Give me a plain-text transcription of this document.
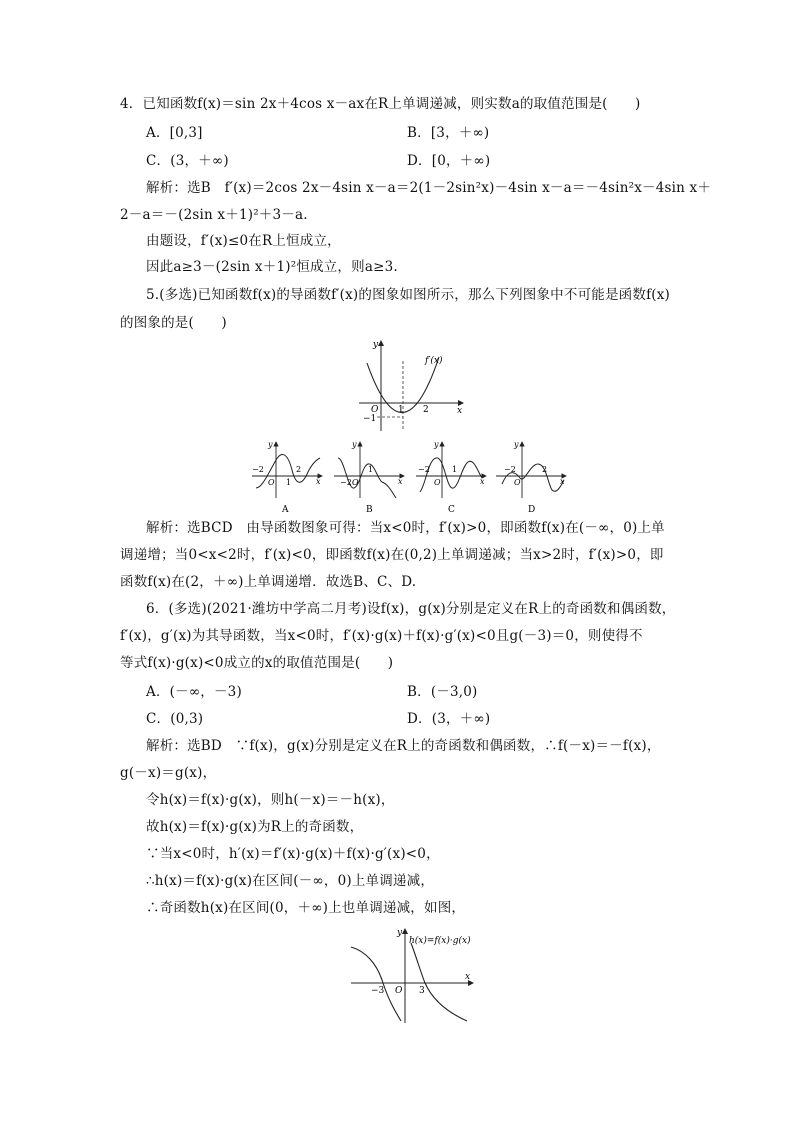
4．已知函数f(x)＝sin 2x＋4cos x－ax在R上单调递减，则实数a的取值范围是(　　)
A．[0,3]	B．[3，＋∞)
C．(3，＋∞)	D．[0，＋∞)
解析：选B　f′(x)＝2cos 2x－4sin x－a＝2(1－2sin²x)－4sin x－a＝－4sin²x－4sin x＋
2－a＝－(2sin x＋1)²＋3－a.
由题设，f′(x)≤0在R上恒成立，
因此a≥3－(2sin x＋1)²恒成立，则a≥3.
5.(多选)已知函数f(x)的导函数f′(x)的图象如图所示，那么下列图象中不可能是函数f(x)
的图象的是(　　)
y
x
f′(x)
O 1 2
−1
y
x
−2
O 1
2
A
y
x
−2 O
1
B
y
x
−2
O
1
C
y
x
−2
O
2
D
解析：选BCD　由导函数图象可得：当x<0时，f′(x)>0，即函数f(x)在(－∞，0)上单
调递增；当0<x<2时，f′(x)<0，即函数f(x)在(0,2)上单调递减；当x>2时，f′(x)>0，即
函数f(x)在(2，＋∞)上单调递增．故选B、C、D.
6．(多选)(2021·潍坊中学高二月考)设f(x)，g(x)分别是定义在R上的奇函数和偶函数，
f′(x)，g′(x)为其导函数，当x<0时，f′(x)·g(x)＋f(x)·g′(x)<0且g(－3)＝0，则使得不
等式f(x)·g(x)<0成立的x的取值范围是(　　)
A．(－∞，－3)	B．(－3,0)
C．(0,3)	D．(3，＋∞)
解析：选BD　∵f(x)，g(x)分别是定义在R上的奇函数和偶函数，∴f(－x)＝－f(x)，
g(－x)＝g(x)，
令h(x)＝f(x)·g(x)，则h(－x)＝－h(x)，
故h(x)＝f(x)·g(x)为R上的奇函数，
∵当x<0时，h′(x)＝f′(x)·g(x)＋f(x)·g′(x)<0，
∴h(x)＝f(x)·g(x)在区间(－∞，0)上单调递减，
∴奇函数h(x)在区间(0，＋∞)上也单调递减，如图，
y
x
h(x)=f(x)·g(x)
O
−3	3
